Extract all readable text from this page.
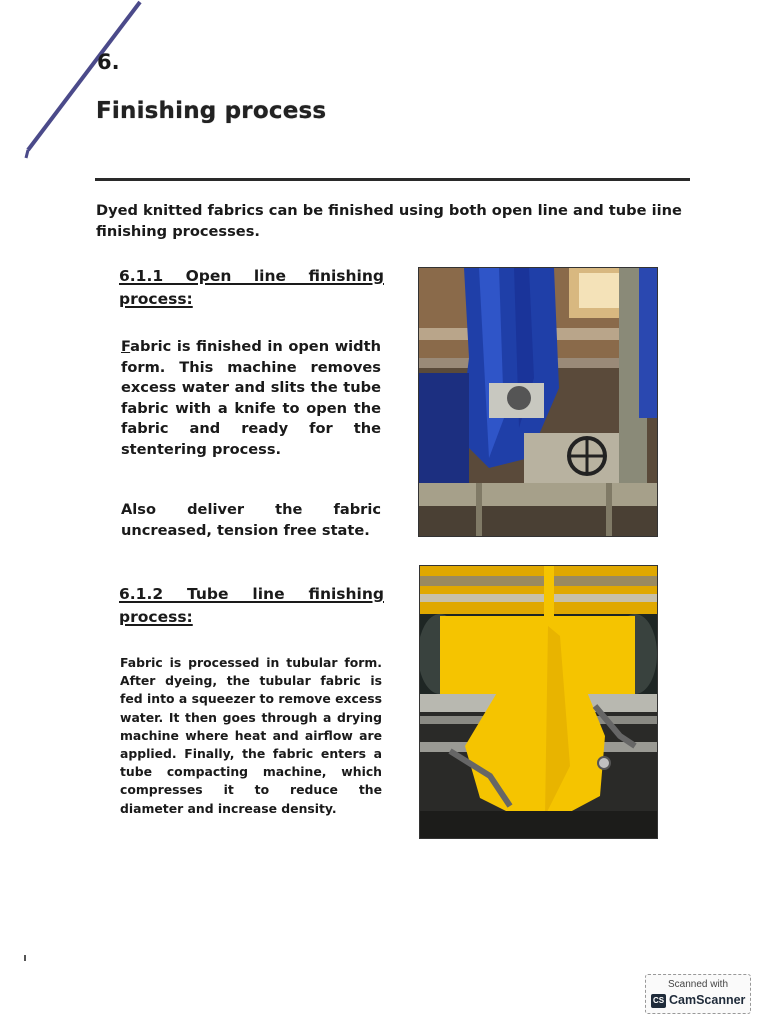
6.
Finishing process
Dyed knitted fabrics can be finished using both open line and tube iine finishing processes.
6.1.1 Open line finishing
process:
Fabric is finished in open width form. This machine removes excess water and slits the tube fabric with a knife to open the fabric and ready for the stentering process.
Also deliver the fabric
uncreased, tension free state.
6.1.2 Tube line finishing
process:
Fabric is processed in tubular form. After dyeing, the tubular fabric is fed into a squeezer to remove excess water. It then goes through a drying machine where heat and airflow are applied. Finally, the fabric enters a tube compacting machine, which compresses it to reduce the diameter and increase density.
Scanned with
CS CamScanner
